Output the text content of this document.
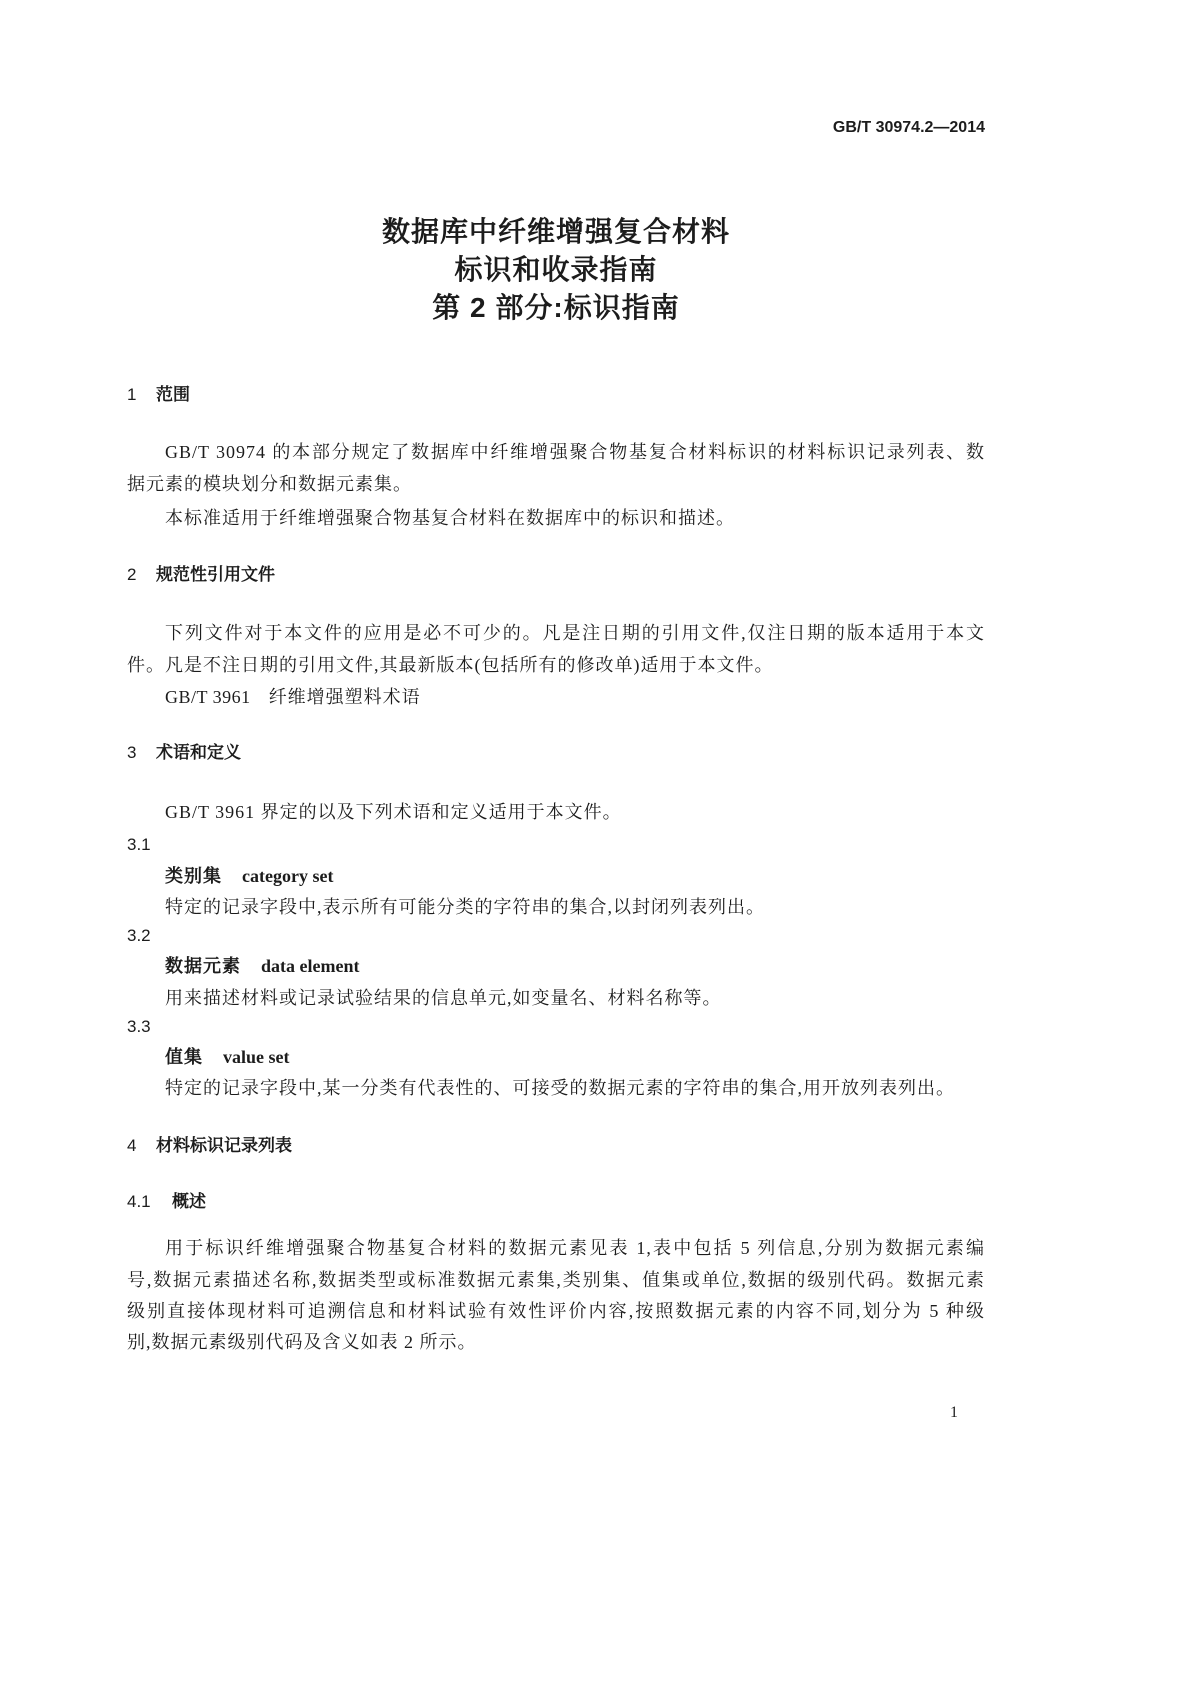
GB/T 30974.2—2014
数据库中纤维增强复合材料
标识和收录指南
第 2 部分:标识指南
1 范围
GB/T 30974 的本部分规定了数据库中纤维增强聚合物基复合材料标识的材料标识记录列表、数
据元素的模块划分和数据元素集。
本标准适用于纤维增强聚合物基复合材料在数据库中的标识和描述。
2 规范性引用文件
下列文件对于本文件的应用是必不可少的。凡是注日期的引用文件,仅注日期的版本适用于本文
件。凡是不注日期的引用文件,其最新版本(包括所有的修改单)适用于本文件。
GB/T 3961 纤维增强塑料术语
3 术语和定义
GB/T 3961 界定的以及下列术语和定义适用于本文件。
3.1
类别集 category set
特定的记录字段中,表示所有可能分类的字符串的集合,以封闭列表列出。
3.2
数据元素 data element
用来描述材料或记录试验结果的信息单元,如变量名、材料名称等。
3.3
值集 value set
特定的记录字段中,某一分类有代表性的、可接受的数据元素的字符串的集合,用开放列表列出。
4 材料标识记录列表
4.1 概述
用于标识纤维增强聚合物基复合材料的数据元素见表 1,表中包括 5 列信息,分别为数据元素编
号,数据元素描述名称,数据类型或标准数据元素集,类别集、值集或单位,数据的级别代码。数据元素
级别直接体现材料可追溯信息和材料试验有效性评价内容,按照数据元素的内容不同,划分为 5 种级
别,数据元素级别代码及含义如表 2 所示。
1
